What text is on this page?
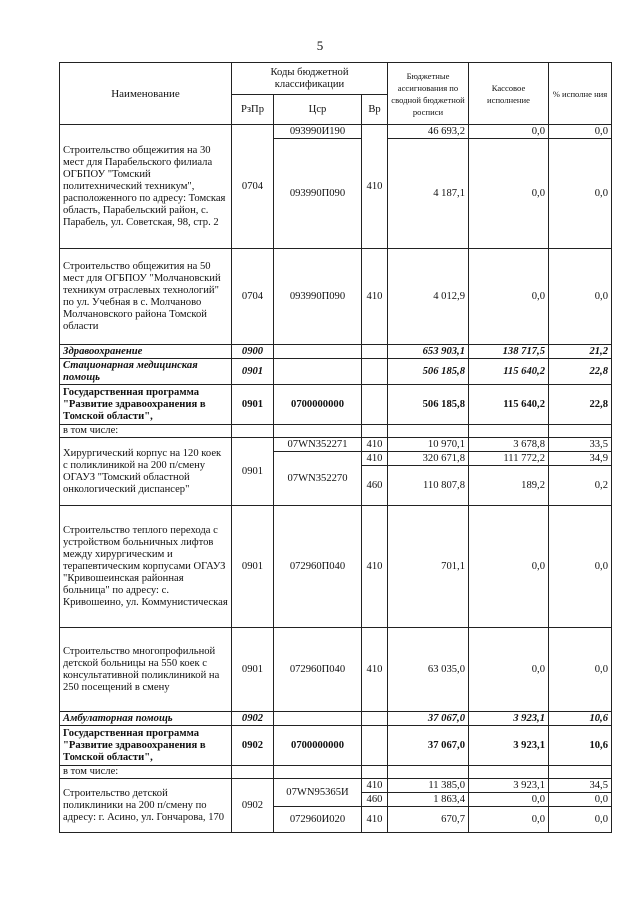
5
Наименование	Коды бюджетной классификации			Бюджетные ассигнования по сводной бюджетной росписи	Кассовое исполнение	% исполне ния
	РзПр	Цср	Вр			
Строительство общежития на 30 мест для Парабельского филиала ОГБПОУ "Томский политехнический техникум", расположенного по адресу: Томская область, Парабельский район, с. Парабель, ул. Советская, 98, стр. 2	0704	093990И190	410	46 693,2	0,0	0,0
		093990П090		4 187,1	0,0	0,0
Строительство общежития на 50 мест для ОГБПОУ "Молчановский техникум отраслевых технологий" по ул. Учебная в с. Молчаново Молчановского района Томской области	0704	093990П090	410	4 012,9	0,0	0,0
Здравоохранение	0900			653 903,1	138 717,5	21,2
Стационарная медицинская помощь	0901			506 185,8	115 640,2	22,8
Государственная программа "Развитие здравоохранения в Томской области",	0901	0700000000		506 185,8	115 640,2	22,8
в том числе:						
Хирургический корпус на 120 коек с поликлиникой на 200 п/смену ОГАУЗ "Томский областной онкологический диспансер"	0901	07WN352271	410	10 970,1	3 678,8	33,5
		07WN352270	410	320 671,8	111 772,2	34,9
			460	110 807,8	189,2	0,2
Строительство теплого перехода с устройством больничных лифтов между хирургическим и терапевтическим корпусами ОГАУЗ "Кривошеинская районная больница" по адресу: с. Кривошеино, ул. Коммунистическая	0901	072960П040	410	701,1	0,0	0,0
Строительство многопрофильной детской больницы на 550 коек с консультативной поликлиникой на 250 посещений в смену	0901	072960П040	410	63 035,0	0,0	0,0
Амбулаторная помощь	0902			37 067,0	3 923,1	10,6
Государственная программа "Развитие здравоохранения в Томской области",	0902	0700000000		37 067,0	3 923,1	10,6
в том числе:						
Строительство детской поликлиники на 200 п/смену по адресу: г. Асино, ул. Гончарова, 170	0902	07WN95365И	410	11 385,0	3 923,1	34,5
			460	1 863,4	0,0	0,0
		072960И020	410	670,7	0,0	0,0
